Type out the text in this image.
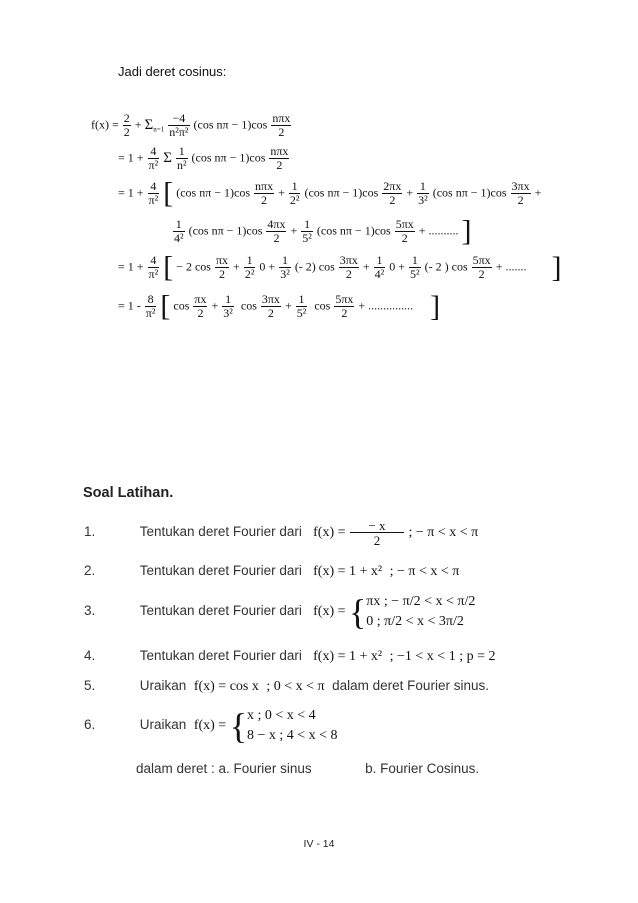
Jadi deret cosinus:
$f(x) = \frac{2}{2} + \Sigma_{n=1} \frac{-4}{\text{n²π²}} (\cos$ $n\pi - 1)\cos \frac{\text{nπx}}{2}$
= $1 + \frac{4}{\text{π²}}$ Σ $\frac{1}{\text{n²}} (\cos$ $n\pi - 1)\cos \frac{\text{nπx}}{2}$
= $1 + \frac{4}{\text{π²}}$ [ (cos $n\pi - 1)\cos \frac{\text{nπx}}{2} + \frac{1}{\text{2²}} (\cos$ $n\pi - 1)\cos \frac{2\pi x}{2} + \frac{1}{\text{3²}} (\cos$ $n\pi - 1)\cos \frac{3\pi x}{2}$ +
$\frac{1}{\text{4²}} (\cos$ $n\pi - 1)\cos \frac{4\pi x}{2} + \frac{1}{\text{5²}} (\cos$ $n\pi - 1)\cos \frac{5\pi x}{2}$ + .......... ]
= $1 + \frac{4}{\text{π²}}$ [ − 2 $\cos \frac{\pi x}{2} + \frac{1}{\text{2²}} 0 + \frac{1}{\text{3²}}$ (- 2) $\cos \frac{3\pi x}{2} + \frac{1}{\text{4²}} 0 + \frac{1}{\text{5²}}$ (- 2 ) $\cos \frac{5\pi x}{2}$ + ....... ]
= $1 - \frac{8}{\text{π²}}$ [ $\cos \frac{\pi x}{2} + \frac{1}{\text{3²}}$ $\cos \frac{3\pi x}{2} + \frac{1}{\text{5²}}$ $\cos \frac{5\pi x}{2}$ + ............... ]
Soal Latihan.
1.	Tentukan deret Fourier dari $f(x) = \frac{- x}{2}$ ; − π < x < π
2.	Tentukan deret Fourier dari f(x) = 1 + x² ; − π < x < π
3.	Tentukan deret Fourier dari f(x) = { πx ; − π/2 < x < π/2
0 ; π/2 < x < 3π/2
4.	Tentukan deret Fourier dari f(x) = 1 + x² ; −1 < x < 1 ; p = 2
5.	Uraikan f(x) = cos x ; 0 < x < π dalam deret Fourier sinus.
6.	Uraikan f(x) = { x ; 0 < x < 4
8 − x ; 4 < x < 8
dalam deret : a. Fourier sinus	b. Fourier Cosinus.
IV - 14
